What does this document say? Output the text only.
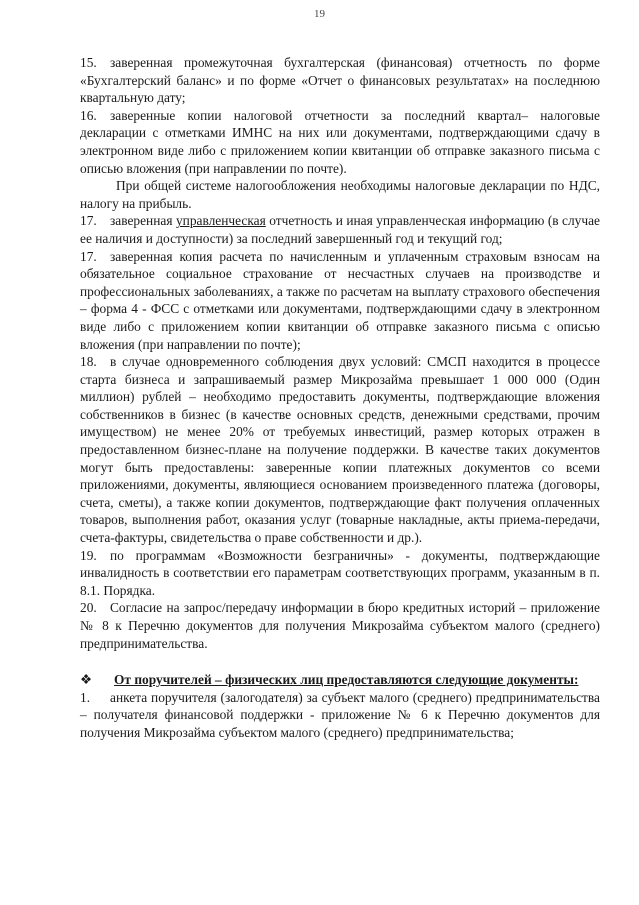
19

15. заверенная промежуточная бухгалтерская (финансовая) отчетность по форме «Бухгалтерский баланс» и по форме «Отчет о финансовых результатах» на последнюю квартальную дату;

16. заверенные копии налоговой отчетности за последний квартал– налоговые декларации с отметками ИМНС на них или документами, подтверждающими сдачу в электронном виде либо с приложением копии квитанции об отправке заказного письма с описью вложения (при направлении по почте).

При общей системе налогообложения необходимы налоговые декларации по НДС, налогу на прибыль.

17. заверенная управленческая отчетность и иная управленческая информацию (в случае ее наличия и доступности) за последний завершенный год и текущий год;

17. заверенная копия расчета по начисленным и уплаченным страховым взносам на обязательное социальное страхование от несчастных случаев на производстве и профессиональных заболеваниях, а также по расчетам на выплату страхового обеспечения – форма 4 - ФСС с отметками или документами, подтверждающими сдачу в электронном виде либо с приложением копии квитанции об отправке заказного письма с описью вложения (при направлении по почте);

18. в случае одновременного соблюдения двух условий: СМСП находится в процессе старта бизнеса и запрашиваемый размер Микрозайма превышает 1 000 000 (Один миллион) рублей – необходимо предоставить документы, подтверждающие вложения собственников в бизнес (в качестве основных средств, денежными средствами, прочим имуществом) не менее 20% от требуемых инвестиций, размер которых отражен в предоставленном бизнес-плане на получение поддержки. В качестве таких документов могут быть предоставлены: заверенные копии платежных документов со всеми приложениями, документы, являющиеся основанием произведенного платежа (договоры, счета, сметы), а также копии документов, подтверждающие факт получения оплаченных товаров, выполнения работ, оказания услуг (товарные накладные, акты приема-передачи, счета-фактуры, свидетельства о праве собственности и др.).

19. по программам «Возможности безграничны» - документы, подтверждающие инвалидность в соответствии его параметрам соответствующих программ, указанным в п. 8.1. Порядка.

20. Согласие на запрос/передачу информации в бюро кредитных историй – приложение № 8 к Перечню документов для получения Микрозайма субъектом малого (среднего) предпринимательства.

❖ От поручителей – физических лиц предоставляются следующие документы:

1. анкета поручителя (залогодателя) за субъект малого (среднего) предпринимательства – получателя финансовой поддержки - приложение № 6 к Перечню документов для получения Микрозайма субъектом малого (среднего) предпринимательства;
